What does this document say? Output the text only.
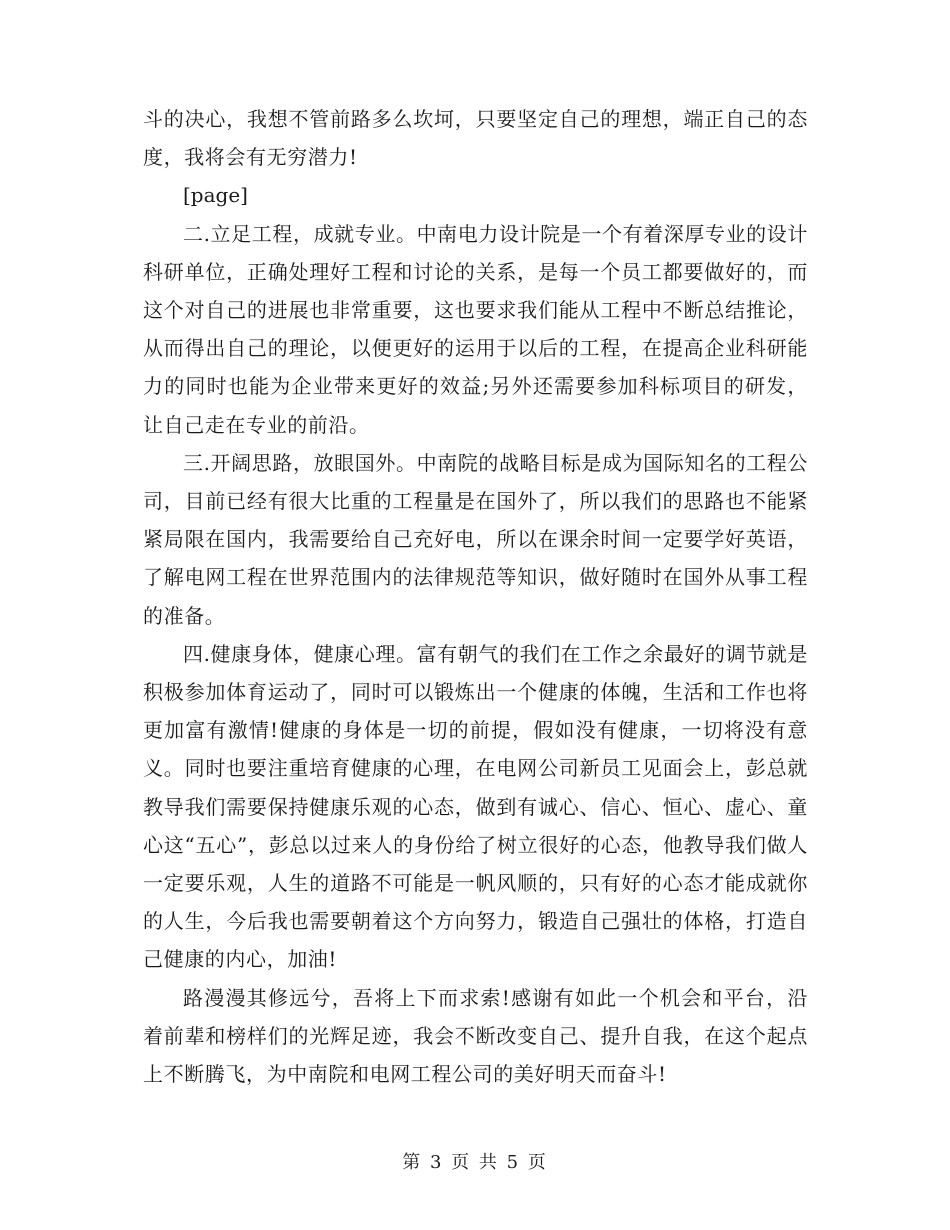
斗的决心，我想不管前路多么坎坷，只要坚定自己的理想，端正自己的态度，我将会有无穷潜力!

[page]

二.立足工程，成就专业。中南电力设计院是一个有着深厚专业的设计科研单位，正确处理好工程和讨论的关系，是每一个员工都要做好的，而这个对自己的进展也非常重要，这也要求我们能从工程中不断总结推论，从而得出自己的理论，以便更好的运用于以后的工程，在提高企业科研能力的同时也能为企业带来更好的效益;另外还需要参加科标项目的研发，让自己走在专业的前沿。

三.开阔思路，放眼国外。中南院的战略目标是成为国际知名的工程公司，目前已经有很大比重的工程量是在国外了，所以我们的思路也不能紧紧局限在国内，我需要给自己充好电，所以在课余时间一定要学好英语，了解电网工程在世界范围内的法律规范等知识，做好随时在国外从事工程的准备。

四.健康身体，健康心理。富有朝气的我们在工作之余最好的调节就是积极参加体育运动了，同时可以锻炼出一个健康的体魄，生活和工作也将更加富有激情!健康的身体是一切的前提，假如没有健康，一切将没有意义。同时也要注重培育健康的心理，在电网公司新员工见面会上，彭总就教导我们需要保持健康乐观的心态，做到有诚心、信心、恒心、虚心、童心这“五心”，彭总以过来人的身份给了树立很好的心态，他教导我们做人一定要乐观，人生的道路不可能是一帆风顺的，只有好的心态才能成就你的人生，今后我也需要朝着这个方向努力，锻造自己强壮的体格，打造自己健康的内心，加油!

路漫漫其修远兮，吾将上下而求索!感谢有如此一个机会和平台，沿着前辈和榜样们的光辉足迹，我会不断改变自己、提升自我，在这个起点上不断腾飞，为中南院和电网工程公司的美好明天而奋斗!

第 3 页 共 5 页
